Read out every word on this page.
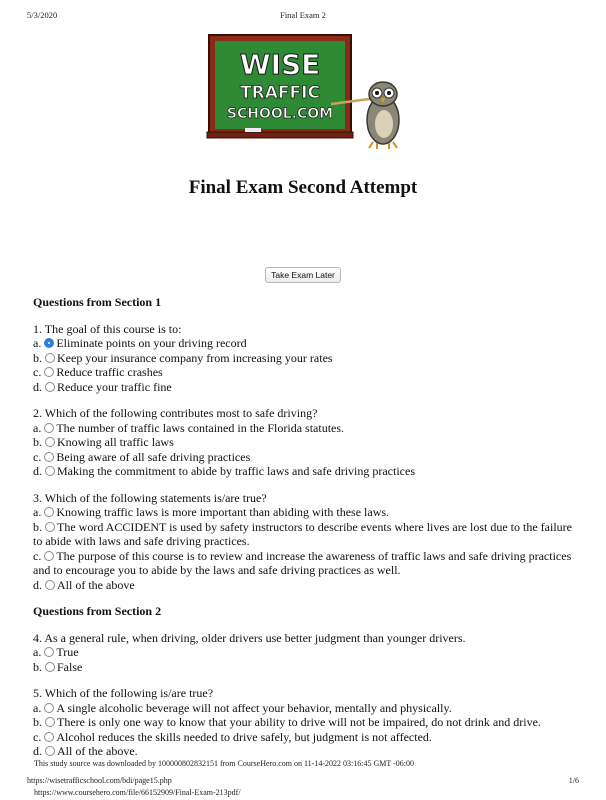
5/3/2020	Final Exam 2
WISE
TRAFFIC
SCHOOL.COM
Final Exam Second Attempt
Take Exam Later
Questions from Section 1
1. The goal of this course is to:
a. Eliminate points on your driving record
b. Keep your insurance company from increasing your rates
c. Reduce traffic crashes
d. Reduce your traffic fine
2. Which of the following contributes most to safe driving?
a. The number of traffic laws contained in the Florida statutes.
b. Knowing all traffic laws
c. Being aware of all safe driving practices
d. Making the commitment to abide by traffic laws and safe driving practices
3. Which of the following statements is/are true?
a. Knowing traffic laws is more important than abiding with these laws.
b. The word ACCIDENT is used by safety instructors to describe events where lives are lost due to the failure to abide with laws and safe driving practices.
c. The purpose of this course is to review and increase the awareness of traffic laws and safe driving practices and to encourage you to abide by the laws and safe driving practices as well.
d. All of the above
Questions from Section 2
4. As a general rule, when driving, older drivers use better judgment than younger drivers.
a. True
b. False
5. Which of the following is/are true?
a. A single alcoholic beverage will not affect your behavior, mentally and physically.
b. There is only one way to know that your ability to drive will not be impaired, do not drink and drive.
c. Alcohol reduces the skills needed to drive safely, but judgment is not affected.
d. All of the above.
This study source was downloaded by 100000802832151 from CourseHero.com on 11-14-2022 03:16:45 GMT -06:00
https://wisetrafficschool.com/bdi/page15.php	1/6
https://www.coursehero.com/file/66152909/Final-Exam-213pdf/
